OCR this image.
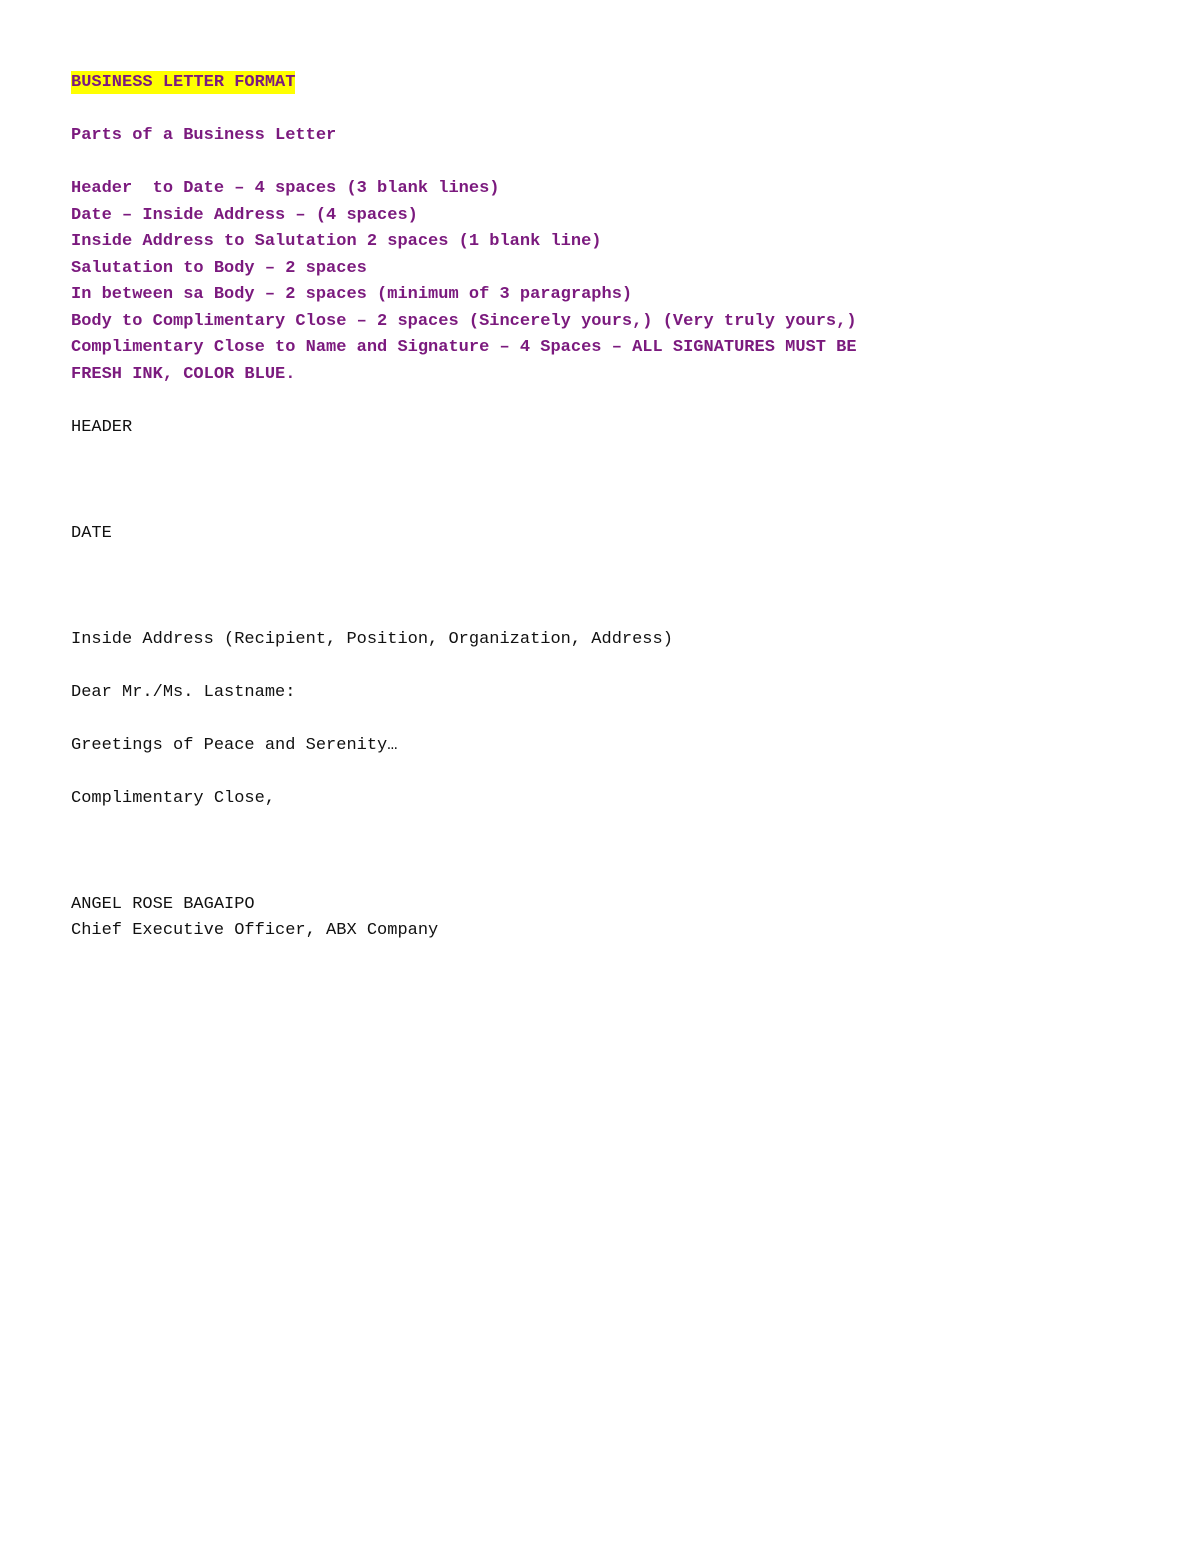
BUSINESS LETTER FORMAT

Parts of a Business Letter

Header  to Date – 4 spaces (3 blank lines)

Date – Inside Address – (4 spaces)

Inside Address to Salutation 2 spaces (1 blank line)

Salutation to Body – 2 spaces

In between sa Body – 2 spaces (minimum of 3 paragraphs)

Body to Complimentary Close – 2 spaces (Sincerely yours,) (Very truly yours,)

Complimentary Close to Name and Signature – 4 Spaces – ALL SIGNATURES MUST BE

FRESH INK, COLOR BLUE.

HEADER

DATE

Inside Address (Recipient, Position, Organization, Address)

Dear Mr./Ms. Lastname:

Greetings of Peace and Serenity…

Complimentary Close,

ANGEL ROSE BAGAIPO

Chief Executive Officer, ABX Company
